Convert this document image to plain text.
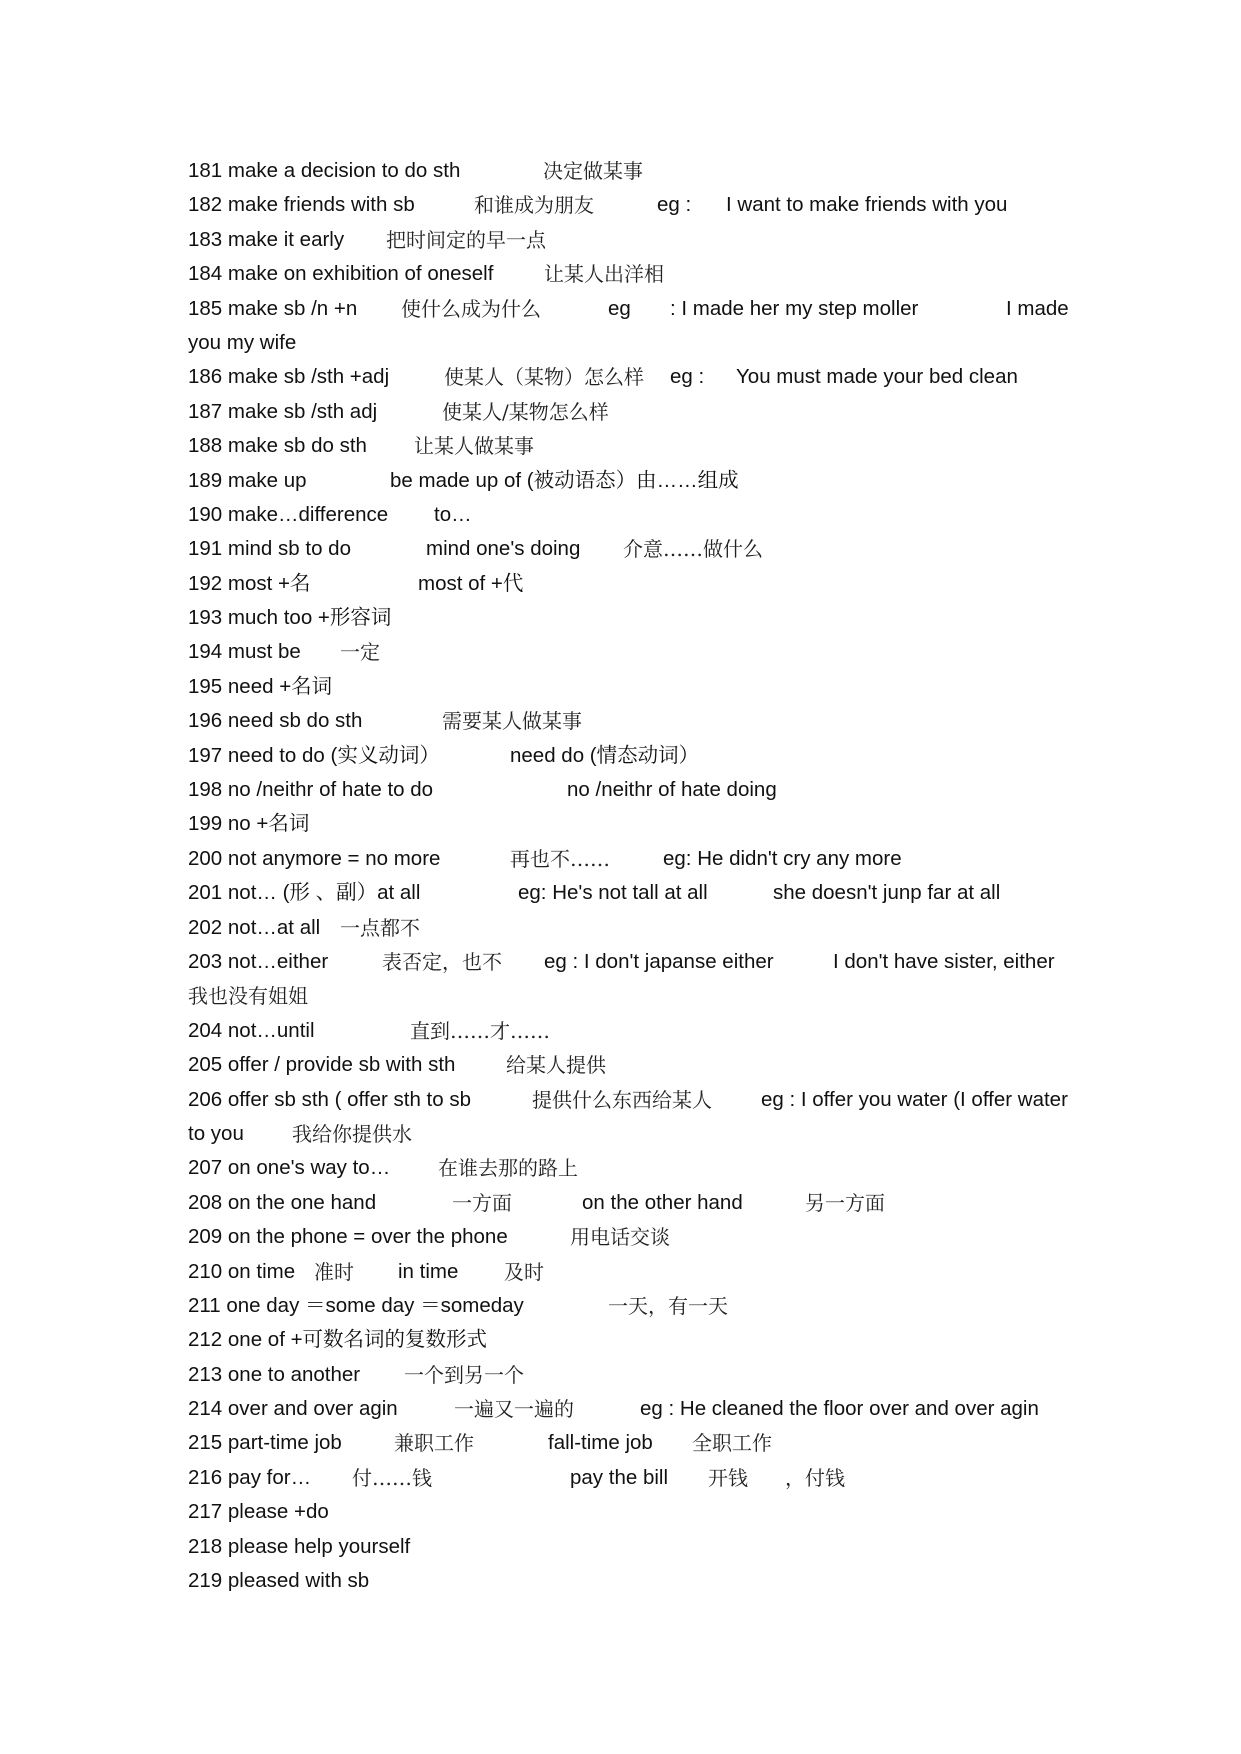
181 make a decision to do sth	决定做某事
182 make friends with sb	和谁成为朋友	eg : I want to make friends with you
183 make it early 把时间定的早一点
184 make on exhibition of oneself	让某人出洋相
185 make sb /n +n 使什么成为什么	eg : I made her my step moller	I made
you my wife
186 make sb /sth +adj	使某人（某物）怎么样 eg : You must made your bed clean
187 make sb /sth adj	使某人/某物怎么样
188 make sb do sth 让某人做某事
189 make up	be made up of (被动语态）由……组成
190 make…difference to…
191 mind sb to do	mind one's doing 介意……做什么
192 most +名	most of +代
193 much too +形容词
194 must be 一定
195 need +名词
196 need sb do sth	需要某人做某事
197 need to do (实义动词）	need do (情态动词）
198 no /neithr of hate to do	no /neithr of hate doing
199 no +名词
200 not anymore = no more	再也不……	eg: He didn't cry any more
201 not… (形 、副）at all	eg: He's not tall at all	she doesn't junp far at all
202 not…at all 一点都不
203 not…either	表否定，也不 eg : I don't japanse either	I don't have sister, either
我也没有姐姐
204 not…until	直到……才……
205 offer / provide sb with sth	给某人提供
206 offer sb sth ( offer sth to sb	提供什么东西给某人 eg : I offer you water (I offer water
to you 我给你提供水
207 on one's way to… 在谁去那的路上
208 on the one hand	一方面	on the other hand	另一方面
209 on the phone = over the phone	用电话交谈
210 on time 准时 in time 及时
211 one day ＝some day ＝someday	一天，有一天
212 one of +可数名词的复数形式
213 one to another 一个到另一个
214 over and over agin	一遍又一遍的	eg : He cleaned the floor over and over agin
215 part-time job	兼职工作	fall-time job 全职工作
216 pay for… 付……钱	pay the bill 开钱 ，付钱
217 please +do
218 please help yourself
219 pleased with sb
